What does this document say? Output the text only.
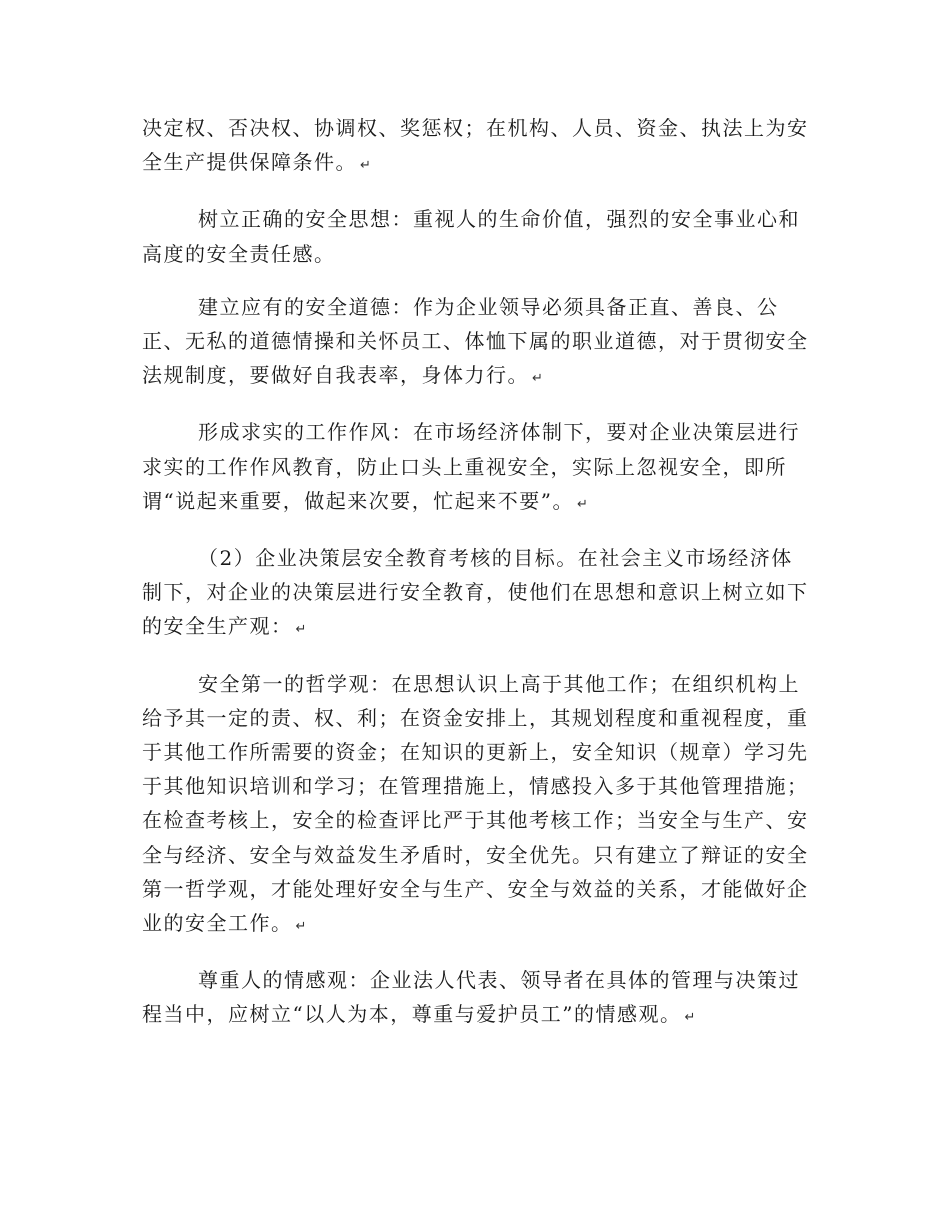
决定权、否决权、协调权、奖惩权；在机构、人员、资金、执法上为安全生产提供保障条件。 ↵

树立正确的安全思想：重视人的生命价值，强烈的安全事业心和高度的安全责任感。

建立应有的安全道德：作为企业领导必须具备正直、善良、公正、无私的道德情操和关怀员工、体恤下属的职业道德，对于贯彻安全法规制度，要做好自我表率，身体力行。 ↵

形成求实的工作作风：在市场经济体制下，要对企业决策层进行求实的工作作风教育，防止口头上重视安全，实际上忽视安全，即所谓“说起来重要，做起来次要，忙起来不要”。 ↵

（2）企业决策层安全教育考核的目标。在社会主义市场经济体制下，对企业的决策层进行安全教育，使他们在思想和意识上树立如下的安全生产观： ↵

安全第一的哲学观：在思想认识上高于其他工作；在组织机构上给予其一定的责、权、利；在资金安排上，其规划程度和重视程度，重于其他工作所需要的资金；在知识的更新上，安全知识（规章）学习先于其他知识培训和学习；在管理措施上，情感投入多于其他管理措施；在检查考核上，安全的检查评比严于其他考核工作；当安全与生产、安全与经济、安全与效益发生矛盾时，安全优先。只有建立了辩证的安全第一哲学观，才能处理好安全与生产、安全与效益的关系，才能做好企业的安全工作。 ↵

尊重人的情感观：企业法人代表、领导者在具体的管理与决策过程当中，应树立“以人为本，尊重与爱护员工”的情感观。 ↵
